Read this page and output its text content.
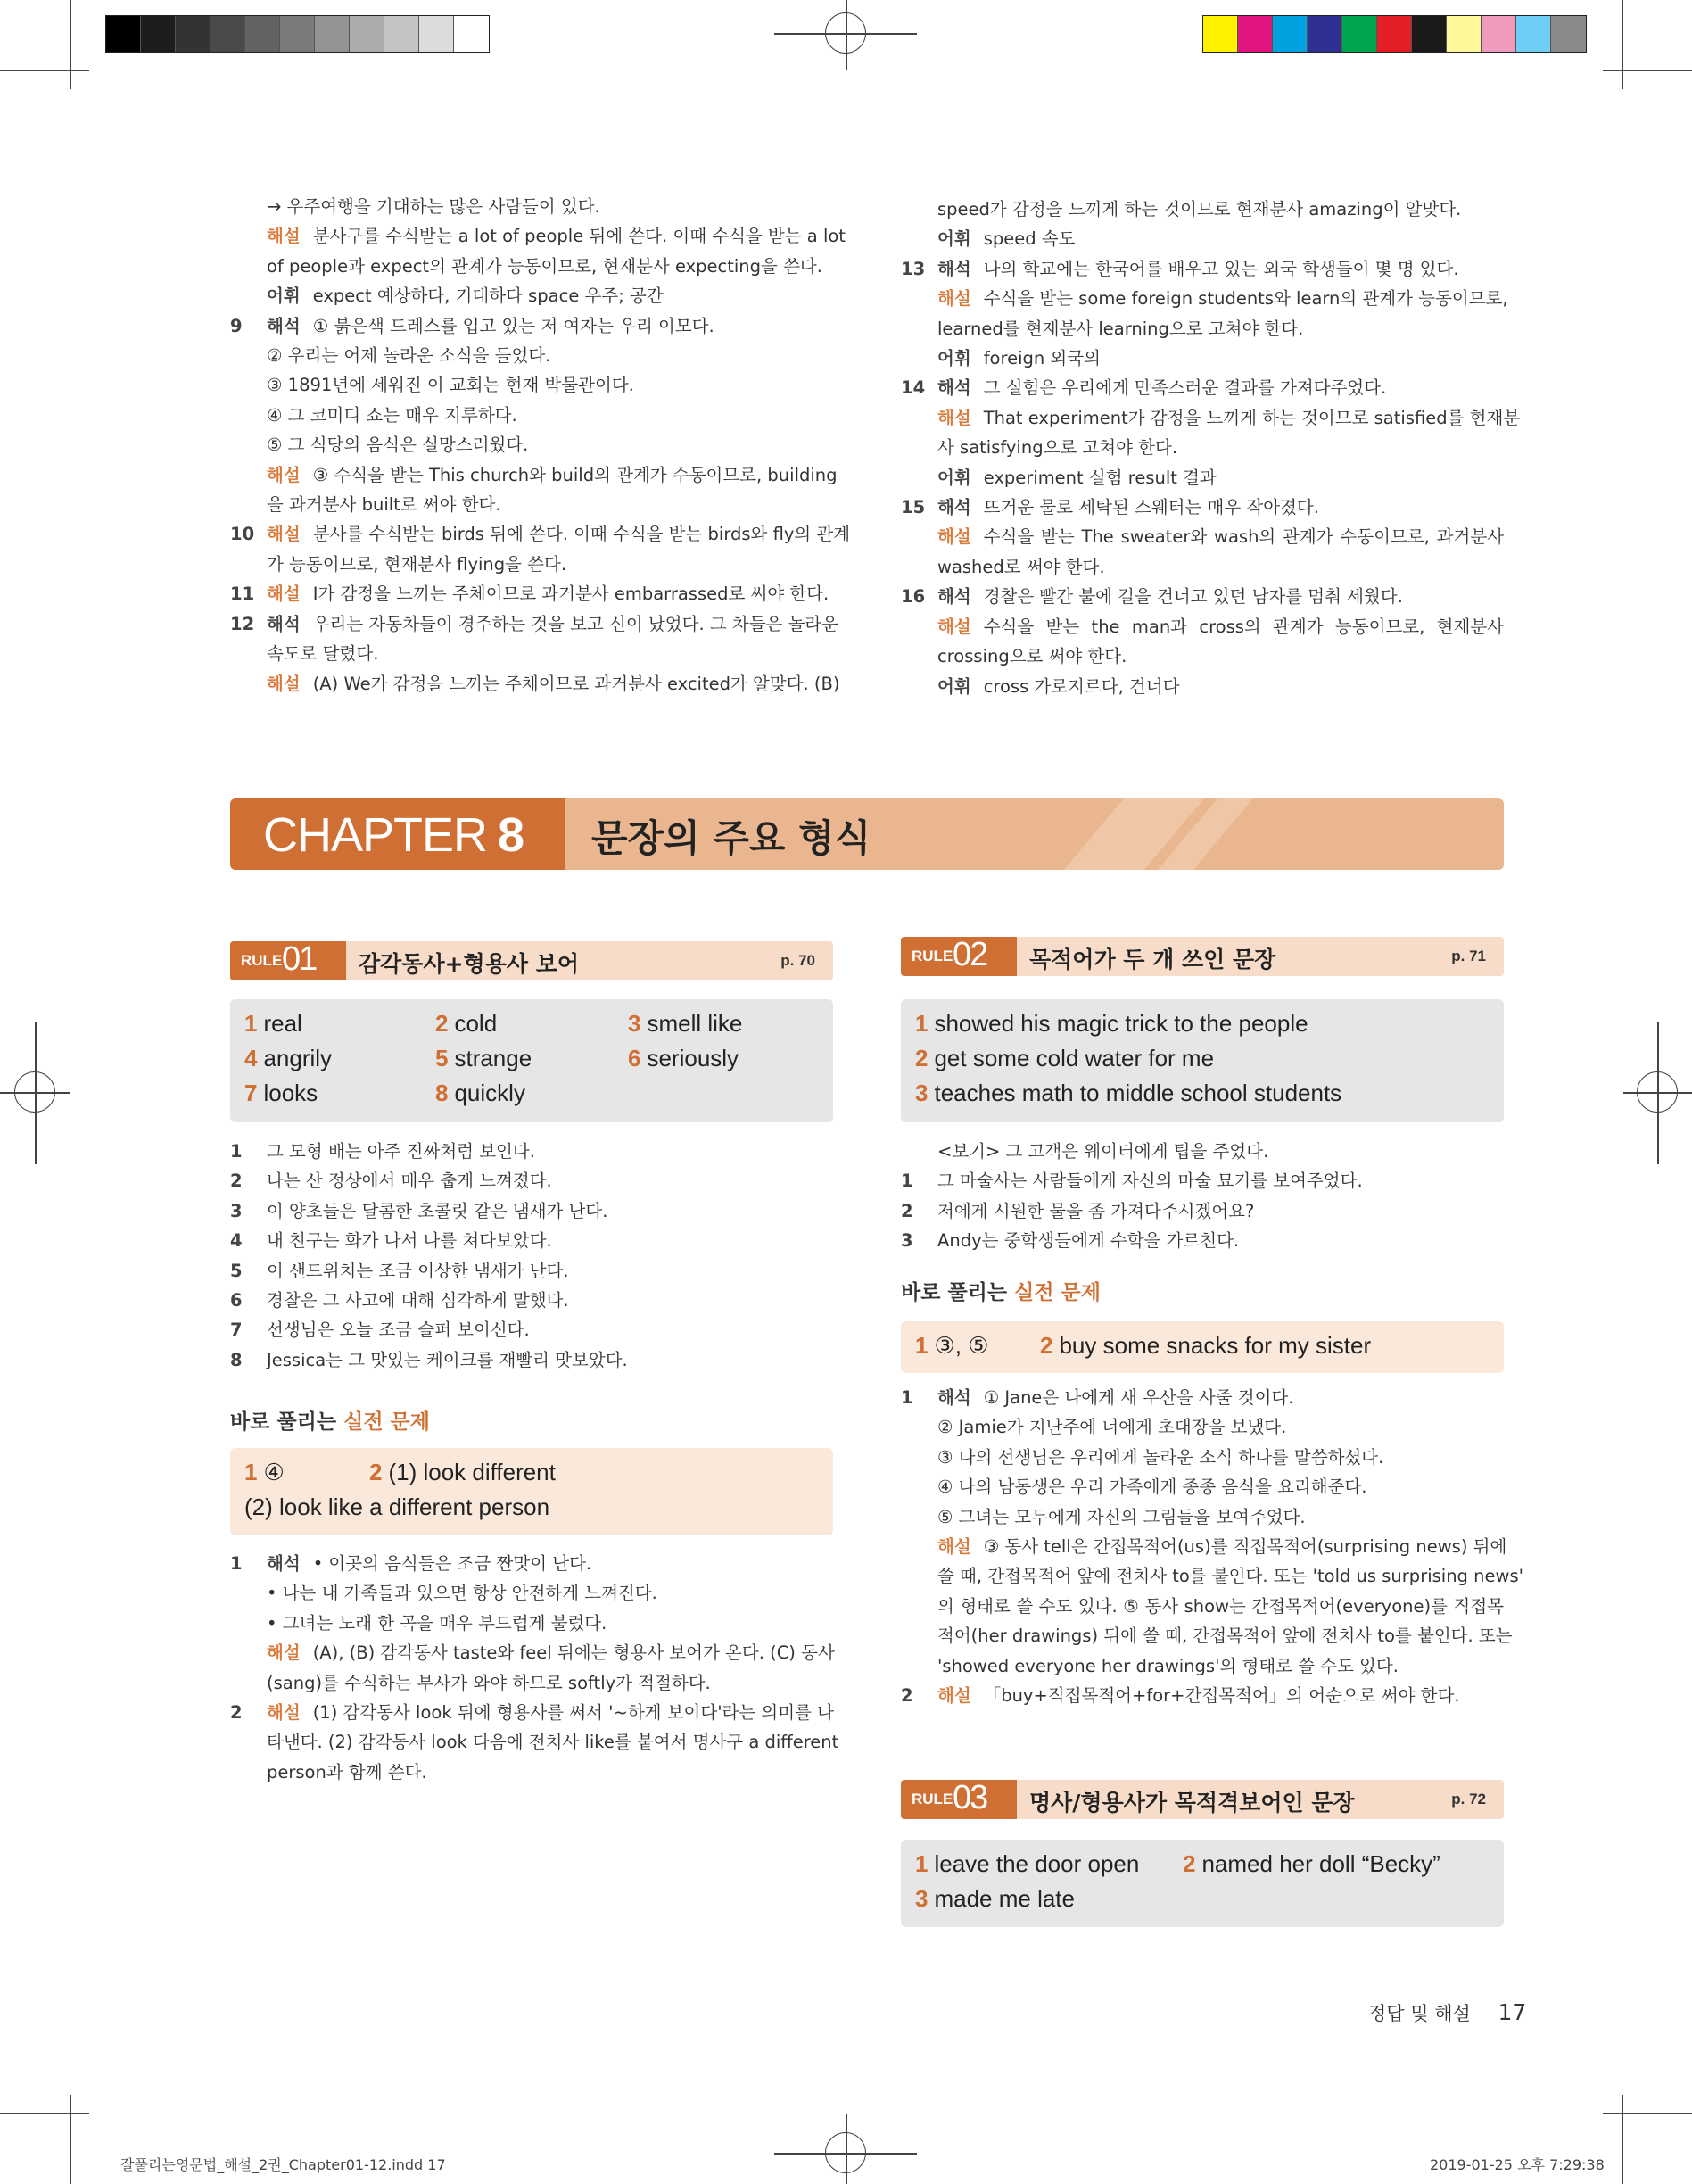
→ 우주여행을 기대하는 많은 사람들이 있다.
해설 분사구를 수식받는 a lot of people 뒤에 쓴다. 이때 수식을 받는 a lot
of people과 expect의 관계가 능동이므로, 현재분사 expecting을 쓴다.
어휘 expect 예상하다, 기대하다 space 우주; 공간
9 해석 ① 붉은색 드레스를 입고 있는 저 여자는 우리 이모다.
② 우리는 어제 놀라운 소식을 들었다.
③ 1891년에 세워진 이 교회는 현재 박물관이다.
④ 그 코미디 쇼는 매우 지루하다.
⑤ 그 식당의 음식은 실망스러웠다.
해설 ③ 수식을 받는 This church와 build의 관계가 수동이므로, building
을 과거분사 built로 써야 한다.
10 해설 분사를 수식받는 birds 뒤에 쓴다. 이때 수식을 받는 birds와 fly의 관계
가 능동이므로, 현재분사 flying을 쓴다.
11 해설 I가 감정을 느끼는 주체이므로 과거분사 embarrassed로 써야 한다.
12 해석 우리는 자동차들이 경주하는 것을 보고 신이 났었다. 그 차들은 놀라운
속도로 달렸다.
해설 (A) We가 감정을 느끼는 주체이므로 과거분사 excited가 알맞다. (B)
speed가 감정을 느끼게 하는 것이므로 현재분사 amazing이 알맞다.
어휘 speed 속도
13 해석 나의 학교에는 한국어를 배우고 있는 외국 학생들이 몇 명 있다.
해설 수식을 받는 some foreign students와 learn의 관계가 능동이므로,
learned를 현재분사 learning으로 고쳐야 한다.
어휘 foreign 외국의
14 해석 그 실험은 우리에게 만족스러운 결과를 가져다주었다.
해설 That experiment가 감정을 느끼게 하는 것이므로 satisfied를 현재분
사 satisfying으로 고쳐야 한다.
어휘 experiment 실험 result 결과
15 해석 뜨거운 물로 세탁된 스웨터는 매우 작아졌다.
해설 수식을 받는 The sweater와 wash의 관계가 수동이므로, 과거분사
washed로 써야 한다.
16 해석 경찰은 빨간 불에 길을 건너고 있던 남자를 멈춰 세웠다.
해설 수식을 받는 the man과 cross의 관계가 능동이므로, 현재분사
crossing으로 써야 한다.
어휘 cross 가로지르다, 건너다
CHAPTER 8 문장의 주요 형식
RULE 01 감각동사+형용사 보어	p. 70
1 real	2 cold	3 smell like
4 angrily	5 strange	6 seriously
7 looks	8 quickly
1 그 모형 배는 아주 진짜처럼 보인다.
2 나는 산 정상에서 매우 춥게 느껴졌다.
3 이 양초들은 달콤한 초콜릿 같은 냄새가 난다.
4 내 친구는 화가 나서 나를 쳐다보았다.
5 이 샌드위치는 조금 이상한 냄새가 난다.
6 경찰은 그 사고에 대해 심각하게 말했다.
7 선생님은 오늘 조금 슬퍼 보이신다.
8 Jessica는 그 맛있는 케이크를 재빨리 맛보았다.
바로 풀리는 실전 문제
1 ④	2 (1) look different
(2) look like a different person
1 해석 • 이곳의 음식들은 조금 짠맛이 난다.
• 나는 내 가족들과 있으면 항상 안전하게 느껴진다.
• 그녀는 노래 한 곡을 매우 부드럽게 불렀다.
해설 (A), (B) 감각동사 taste와 feel 뒤에는 형용사 보어가 온다. (C) 동사
(sang)를 수식하는 부사가 와야 하므로 softly가 적절하다.
2 해설 (1) 감각동사 look 뒤에 형용사를 써서 '~하게 보이다'라는 의미를 나
타낸다. (2) 감각동사 look 다음에 전치사 like를 붙여서 명사구 a different
person과 함께 쓴다.
RULE 02 목적어가 두 개 쓰인 문장	p. 71
1 showed his magic trick to the people
2 get some cold water for me
3 teaches math to middle school students
<보기> 그 고객은 웨이터에게 팁을 주었다.
1 그 마술사는 사람들에게 자신의 마술 묘기를 보여주었다.
2 저에게 시원한 물을 좀 가져다주시겠어요?
3 Andy는 중학생들에게 수학을 가르친다.
바로 풀리는 실전 문제
1 ③, ⑤ 2 buy some snacks for my sister
1 해석 ① Jane은 나에게 새 우산을 사줄 것이다.
② Jamie가 지난주에 너에게 초대장을 보냈다.
③ 나의 선생님은 우리에게 놀라운 소식 하나를 말씀하셨다.
④ 나의 남동생은 우리 가족에게 종종 음식을 요리해준다.
⑤ 그녀는 모두에게 자신의 그림들을 보여주었다.
해설 ③ 동사 tell은 간접목적어(us)를 직접목적어(surprising news) 뒤에
쓸 때, 간접목적어 앞에 전치사 to를 붙인다. 또는 'told us surprising news'
의 형태로 쓸 수도 있다. ⑤ 동사 show는 간접목적어(everyone)를 직접목
적어(her drawings) 뒤에 쓸 때, 간접목적어 앞에 전치사 to를 붙인다. 또는
'showed everyone her drawings'의 형태로 쓸 수도 있다.
2 해설 「buy+직접목적어+for+간접목적어」의 어순으로 써야 한다.
RULE 03 명사/형용사가 목적격보어인 문장	p. 72
1 leave the door open 2 named her doll “Becky”
3 made me late
정답 및 해설 17
잘풀리는영문법_해설_2권_Chapter01-12.indd 17	2019-01-25 오후 7:29:38
